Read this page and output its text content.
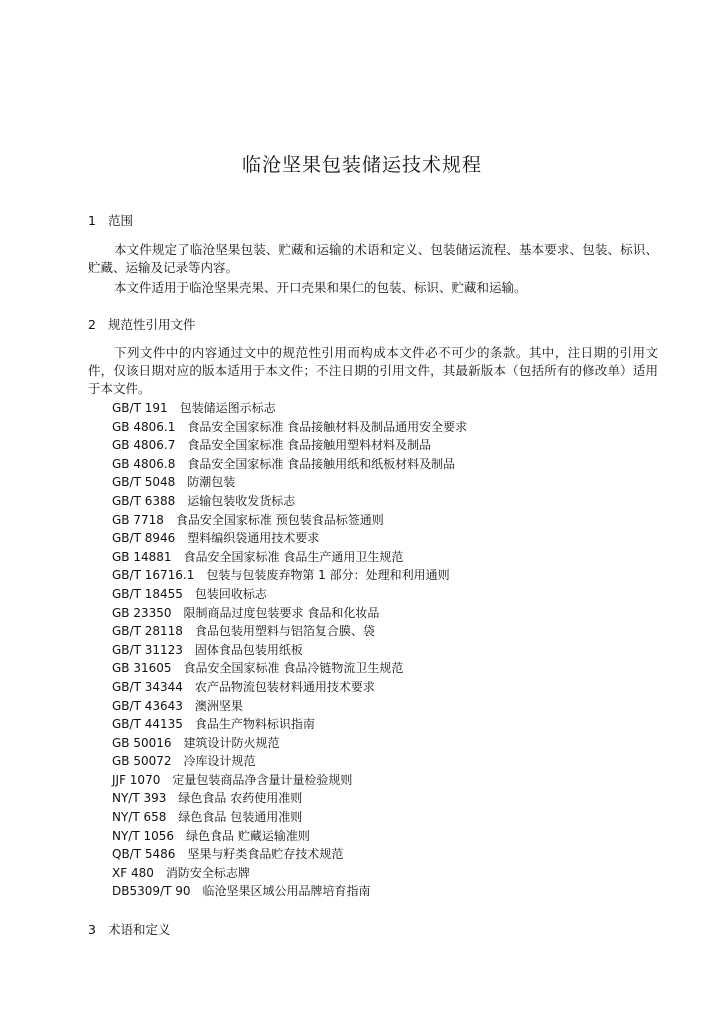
临沧坚果包装储运技术规程
1 范围
本文件规定了临沧坚果包装、贮藏和运输的术语和定义、包装储运流程、基本要求、包装、标识、贮藏、运输及记录等内容。
本文件适用于临沧坚果壳果、开口壳果和果仁的包装、标识、贮藏和运输。
2 规范性引用文件
下列文件中的内容通过文中的规范性引用而构成本文件必不可少的条款。其中，注日期的引用文件，仅该日期对应的版本适用于本文件；不注日期的引用文件，其最新版本（包括所有的修改单）适用于本文件。
GB/T 191 包装储运图示标志
GB 4806.1 食品安全国家标准 食品接触材料及制品通用安全要求
GB 4806.7 食品安全国家标准 食品接触用塑料材料及制品
GB 4806.8 食品安全国家标准 食品接触用纸和纸板材料及制品
GB/T 5048 防潮包装
GB/T 6388 运输包装收发货标志
GB 7718 食品安全国家标准 预包装食品标签通则
GB/T 8946 塑料编织袋通用技术要求
GB 14881 食品安全国家标准 食品生产通用卫生规范
GB/T 16716.1 包装与包装废弃物第 1 部分：处理和利用通则
GB/T 18455 包装回收标志
GB 23350 限制商品过度包装要求 食品和化妆品
GB/T 28118 食品包装用塑料与铝箔复合膜、袋
GB/T 31123 固体食品包装用纸板
GB 31605 食品安全国家标准 食品冷链物流卫生规范
GB/T 34344 农产品物流包装材料通用技术要求
GB/T 43643 澳洲坚果
GB/T 44135 食品生产物料标识指南
GB 50016 建筑设计防火规范
GB 50072 冷库设计规范
JJF 1070 定量包装商品净含量计量检验规则
NY/T 393 绿色食品 农药使用准则
NY/T 658 绿色食品 包装通用准则
NY/T 1056 绿色食品 贮藏运输准则
QB/T 5486 坚果与籽类食品贮存技术规范
XF 480 消防安全标志牌
DB5309/T 90 临沧坚果区域公用品牌培育指南
3 术语和定义
